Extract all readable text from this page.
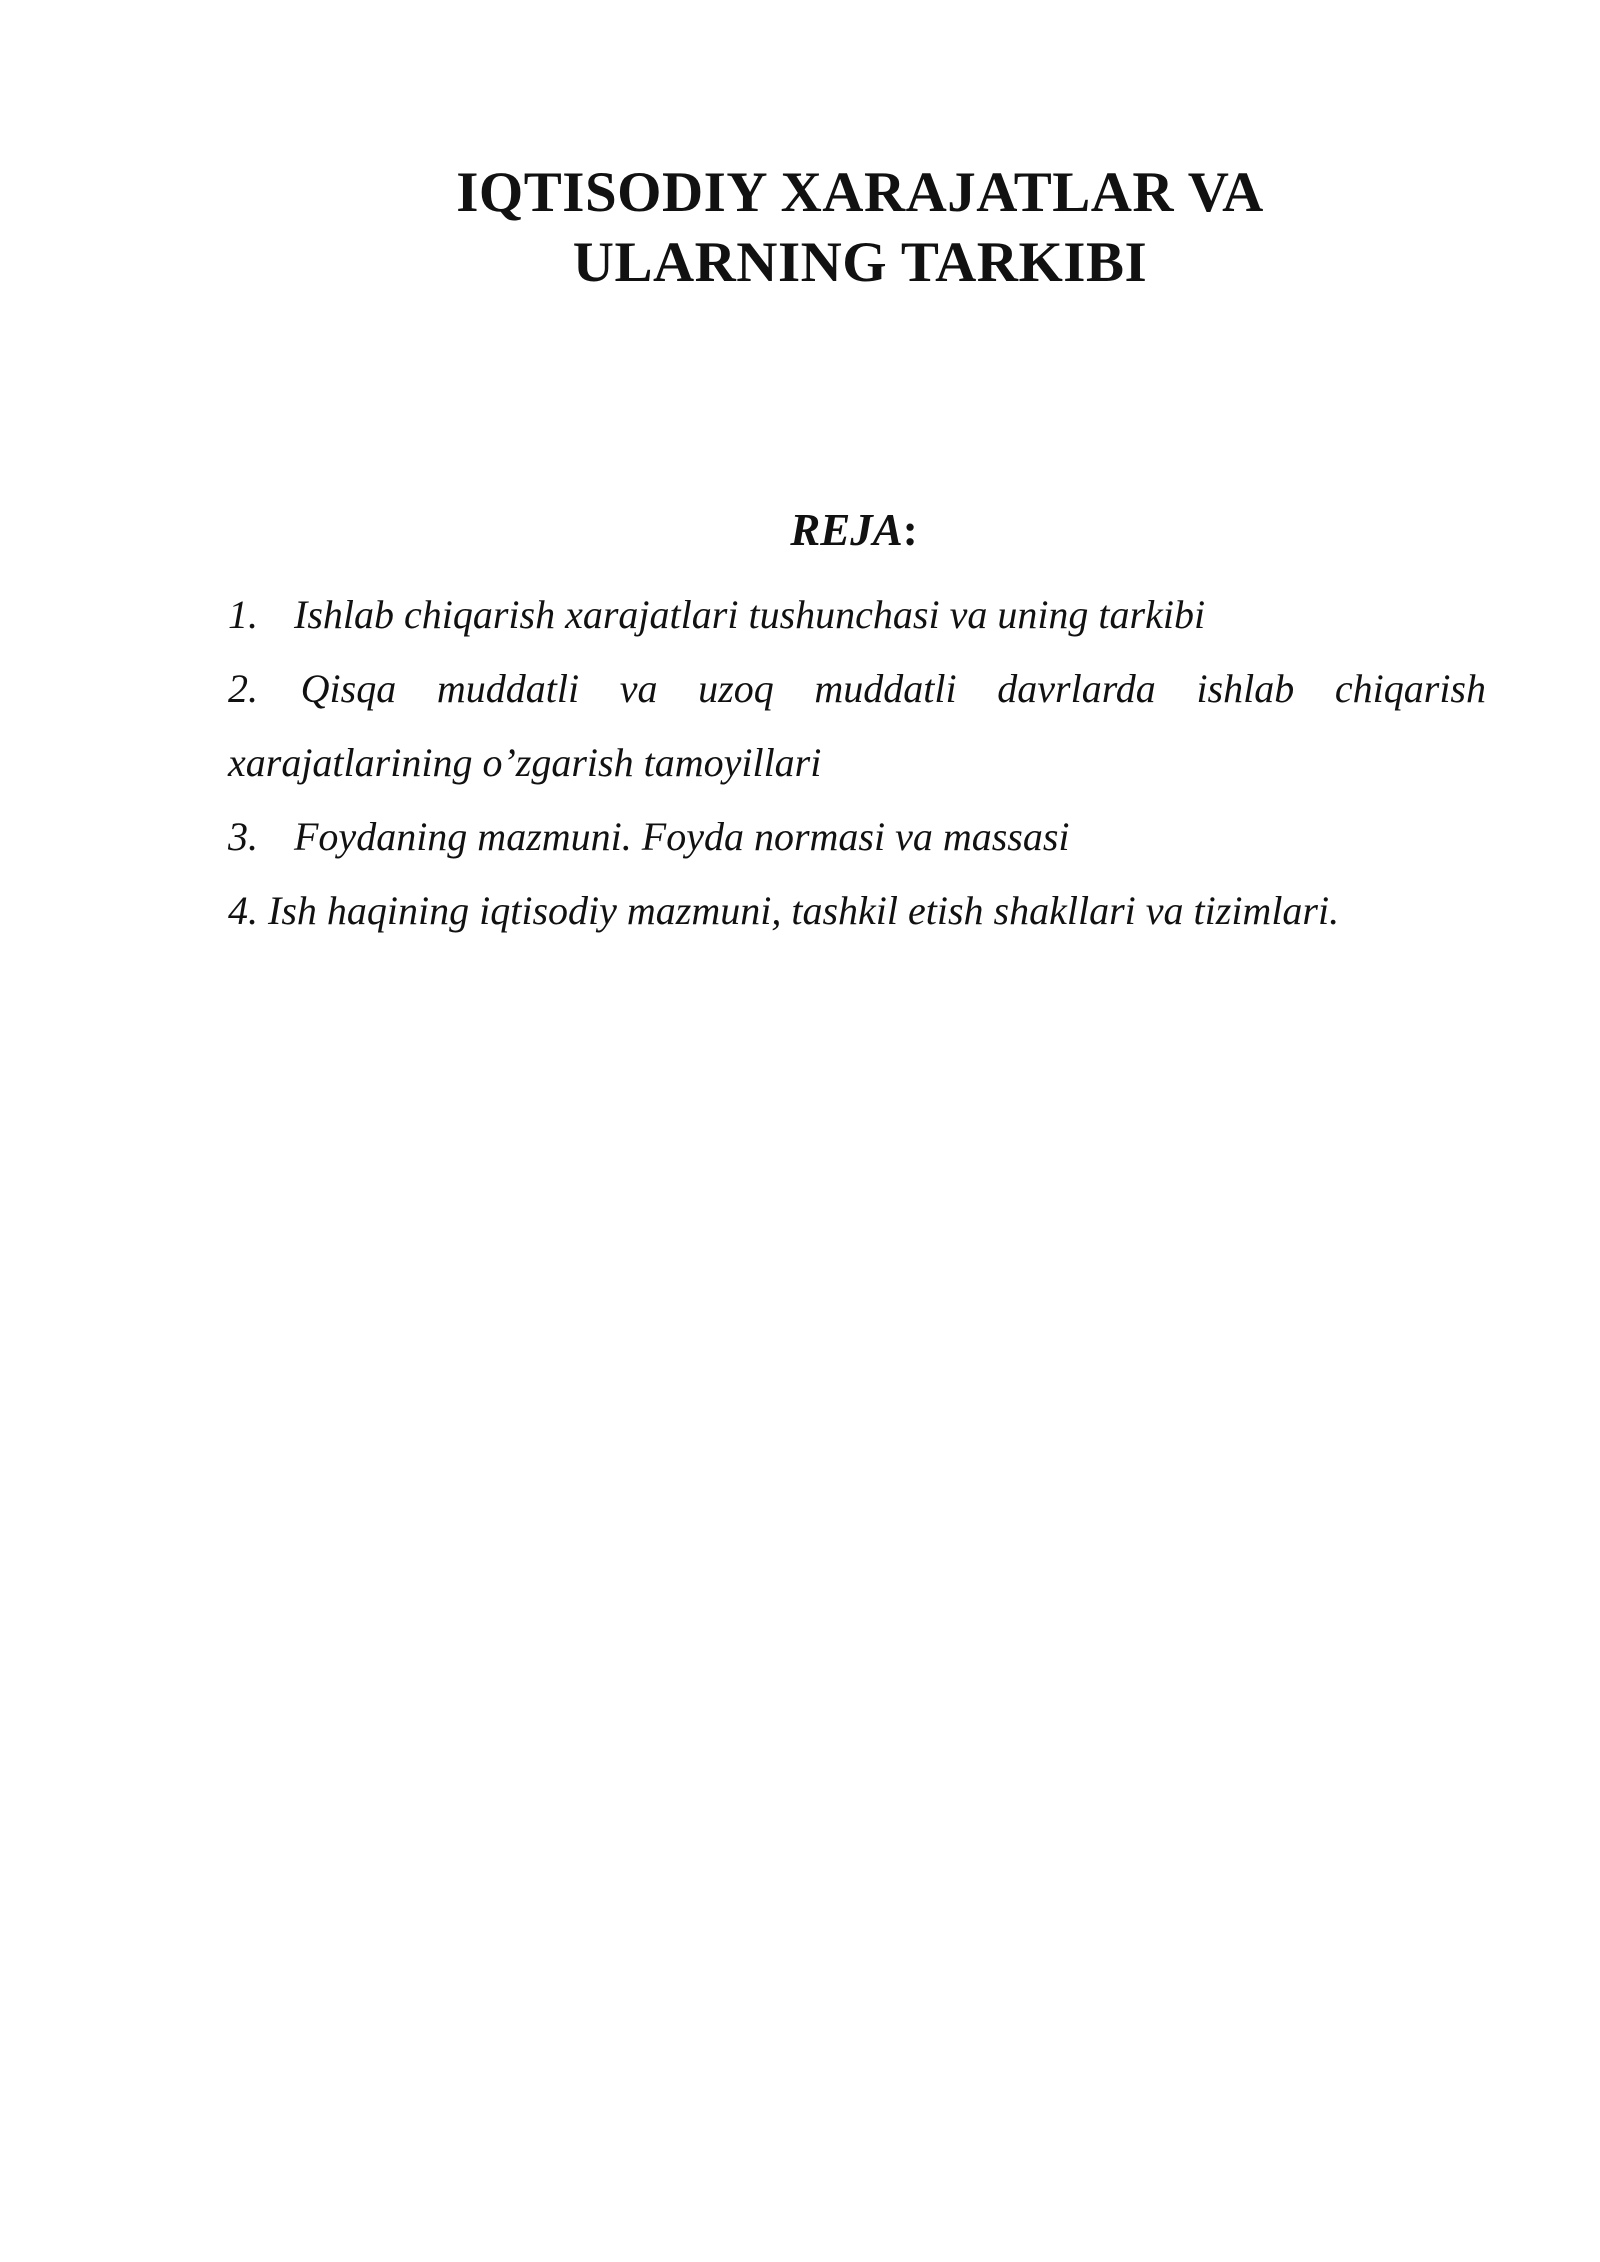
IQTISODIY XARAJATLAR VA
ULARNING TARKIBI

REJA:

1. Ishlab chiqarish xarajatlari tushunchasi va uning tarkibi
2. Qisqa muddatli va uzoq muddatli davrlarda ishlab chiqarish xarajatlarining o’zgarish tamoyillari
3. Foydaning mazmuni. Foyda normasi va massasi
4. Ish haqining iqtisodiy mazmuni, tashkil etish shakllari va tizimlari.
